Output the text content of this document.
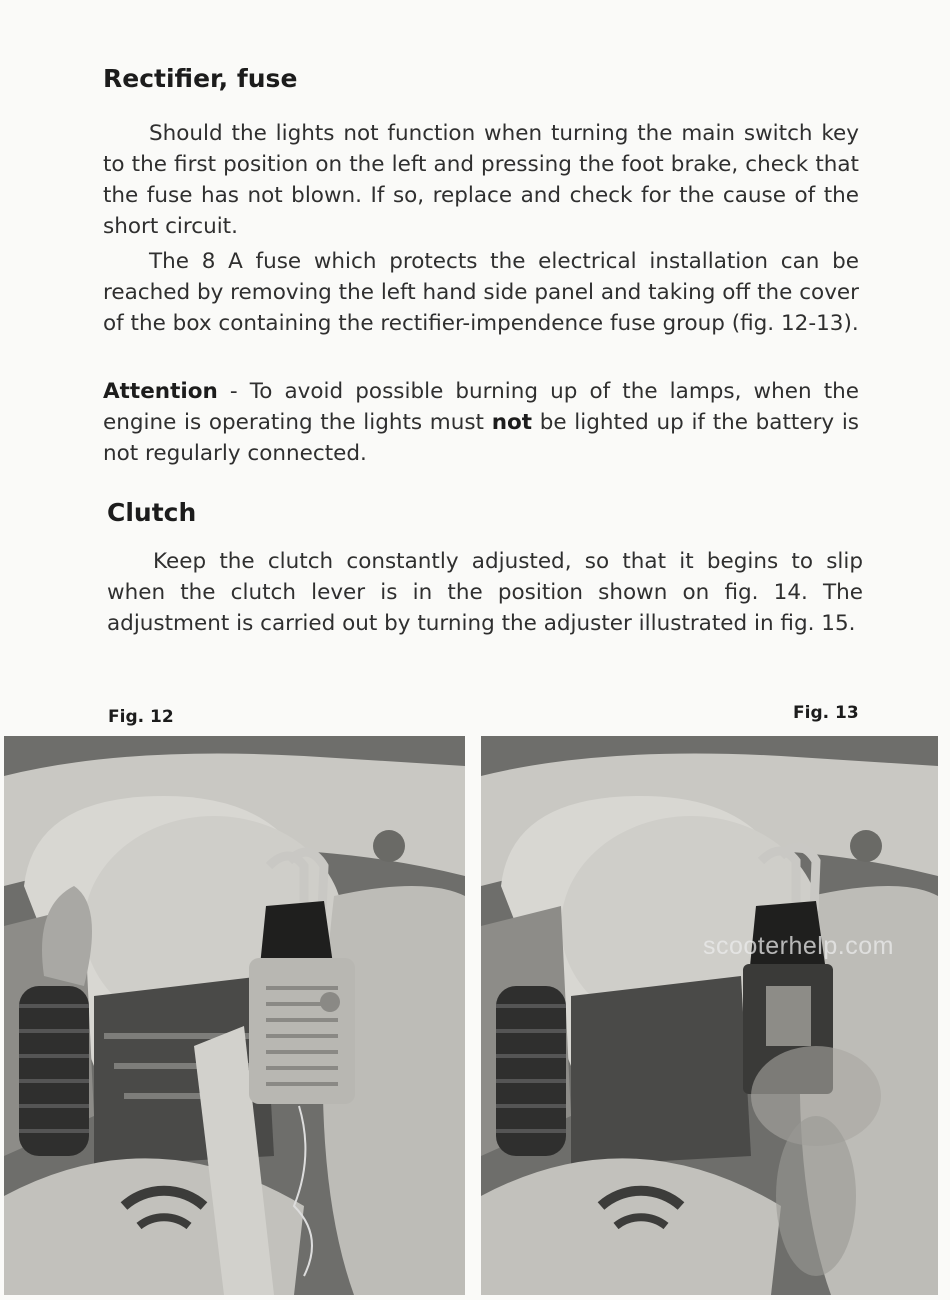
Rectifier, fuse

Should the lights not function when turning the main switch key to the first position on the left and pressing the foot brake, check that the fuse has not blown. If so, replace and check for the cause of the short circuit.

The 8 A fuse which protects the electrical installation can be reached by removing the left hand side panel and taking off the cover of the box containing the rectifier-impendence fuse group (fig. 12-13).

Attention - To avoid possible burning up of the lamps, when the engine is operating the lights must not be lighted up if the battery is not regularly connected.

Clutch

Keep the clutch constantly adjusted, so that it begins to slip when the clutch lever is in the position shown on fig. 14. The adjustment is carried out by turning the adjuster illustrated in fig. 15.

Fig. 12	Fig. 13
scooterhelp.com
